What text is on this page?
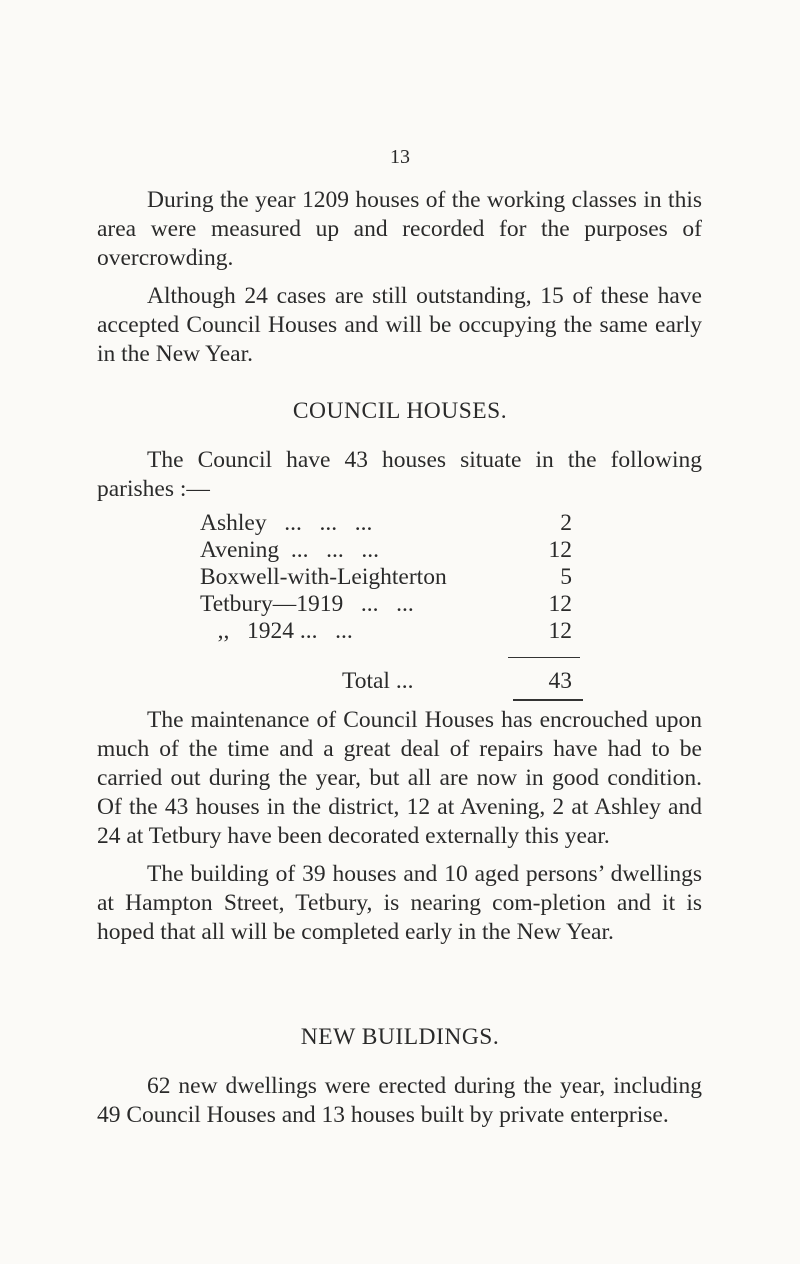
13
During the year 1209 houses of the working classes in this area were measured up and recorded for the purposes of overcrowding.
Although 24 cases are still outstanding, 15 of these have accepted Council Houses and will be occupying the same early in the New Year.
COUNCIL HOUSES.
The Council have 43 houses situate in the following parishes :—
Ashley   ...   ...   ...	2
Avening  ...   ...   ...	12
Boxwell-with-Leighterton	5
Tetbury—1919   ...   ...	12
,,   1924 ...   ...	12
Total ...	43
The maintenance of Council Houses has encrouched upon much of the time and a great deal of repairs have had to be carried out during the year, but all are now in good condition. Of the 43 houses in the district, 12 at Avening, 2 at Ashley and 24 at Tetbury have been decorated externally this year.
The building of 39 houses and 10 aged persons’ dwellings at Hampton Street, Tetbury, is nearing com-pletion and it is hoped that all will be completed early in the New Year.
NEW BUILDINGS.
62 new dwellings were erected during the year, including 49 Council Houses and 13 houses built by private enterprise.
